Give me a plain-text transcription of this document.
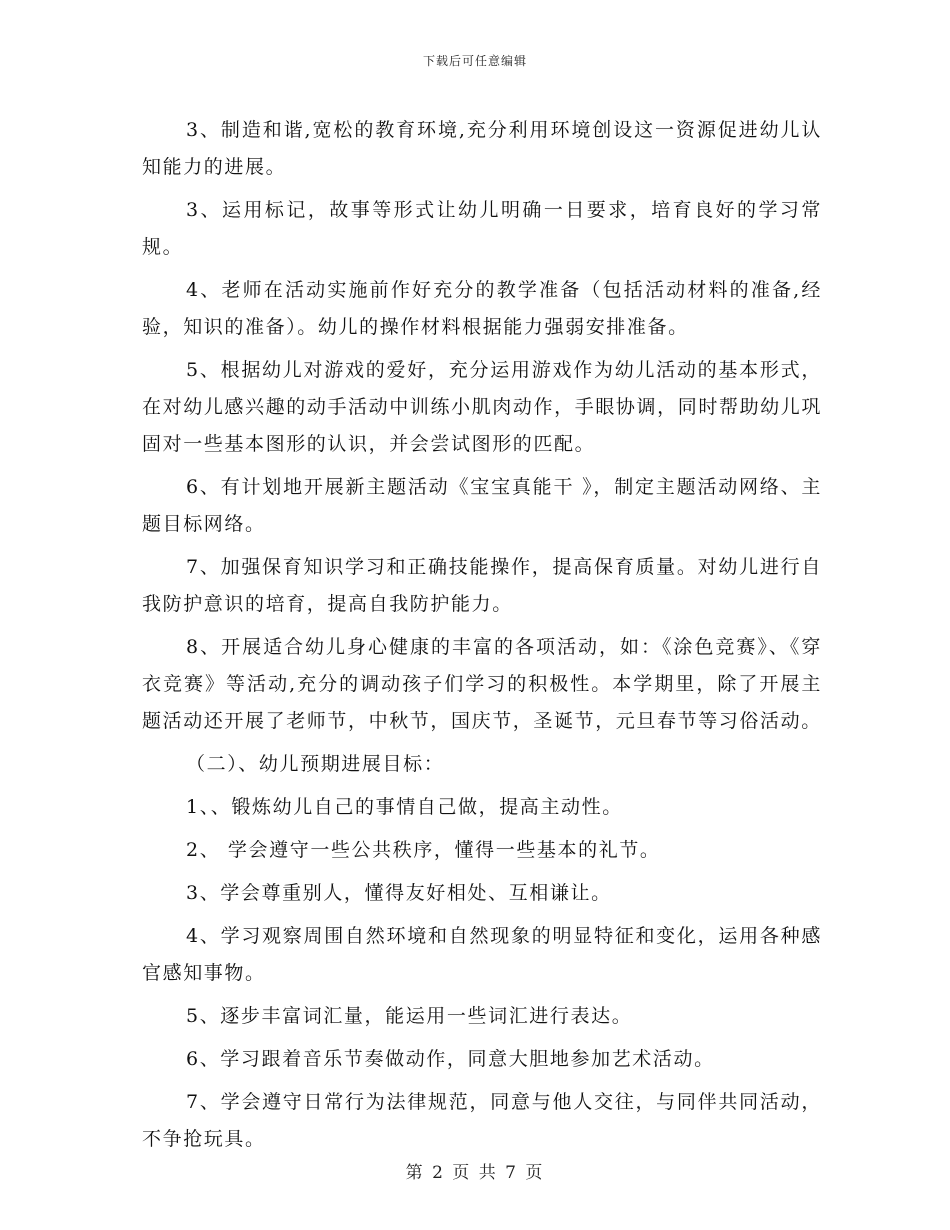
下载后可任意编辑

3、制造和谐,宽松的教育环境,充分利用环境创设这一资源促进幼儿认知能力的进展。

3、运用标记，故事等形式让幼儿明确一日要求，培育良好的学习常规。

4、老师在活动实施前作好充分的教学准备（包括活动材料的准备,经验，知识的准备）。幼儿的操作材料根据能力强弱安排准备。

5、根据幼儿对游戏的爱好，充分运用游戏作为幼儿活动的基本形式，在对幼儿感兴趣的动手活动中训练小肌肉动作，手眼协调，同时帮助幼儿巩固对一些基本图形的认识，并会尝试图形的匹配。

6、有计划地开展新主题活动《宝宝真能干 》，制定主题活动网络、主题目标网络。

7、加强保育知识学习和正确技能操作，提高保育质量。对幼儿进行自我防护意识的培育，提高自我防护能力。

8、开展适合幼儿身心健康的丰富的各项活动，如：《涂色竞赛》、《穿衣竞赛》等活动,充分的调动孩子们学习的积极性。本学期里，除了开展主题活动还开展了老师节，中秋节，国庆节，圣诞节，元旦春节等习俗活动。

（二）、幼儿预期进展目标：

1、、锻炼幼儿自己的事情自己做，提高主动性。

2、 学会遵守一些公共秩序，懂得一些基本的礼节。

3、学会尊重别人，懂得友好相处、互相谦让。

4、学习观察周围自然环境和自然现象的明显特征和变化，运用各种感官感知事物。

5、逐步丰富词汇量，能运用一些词汇进行表达。

6、学习跟着音乐节奏做动作，同意大胆地参加艺术活动。

7、学会遵守日常行为法律规范，同意与他人交往，与同伴共同活动，不争抢玩具。

第 2 页 共 7 页
